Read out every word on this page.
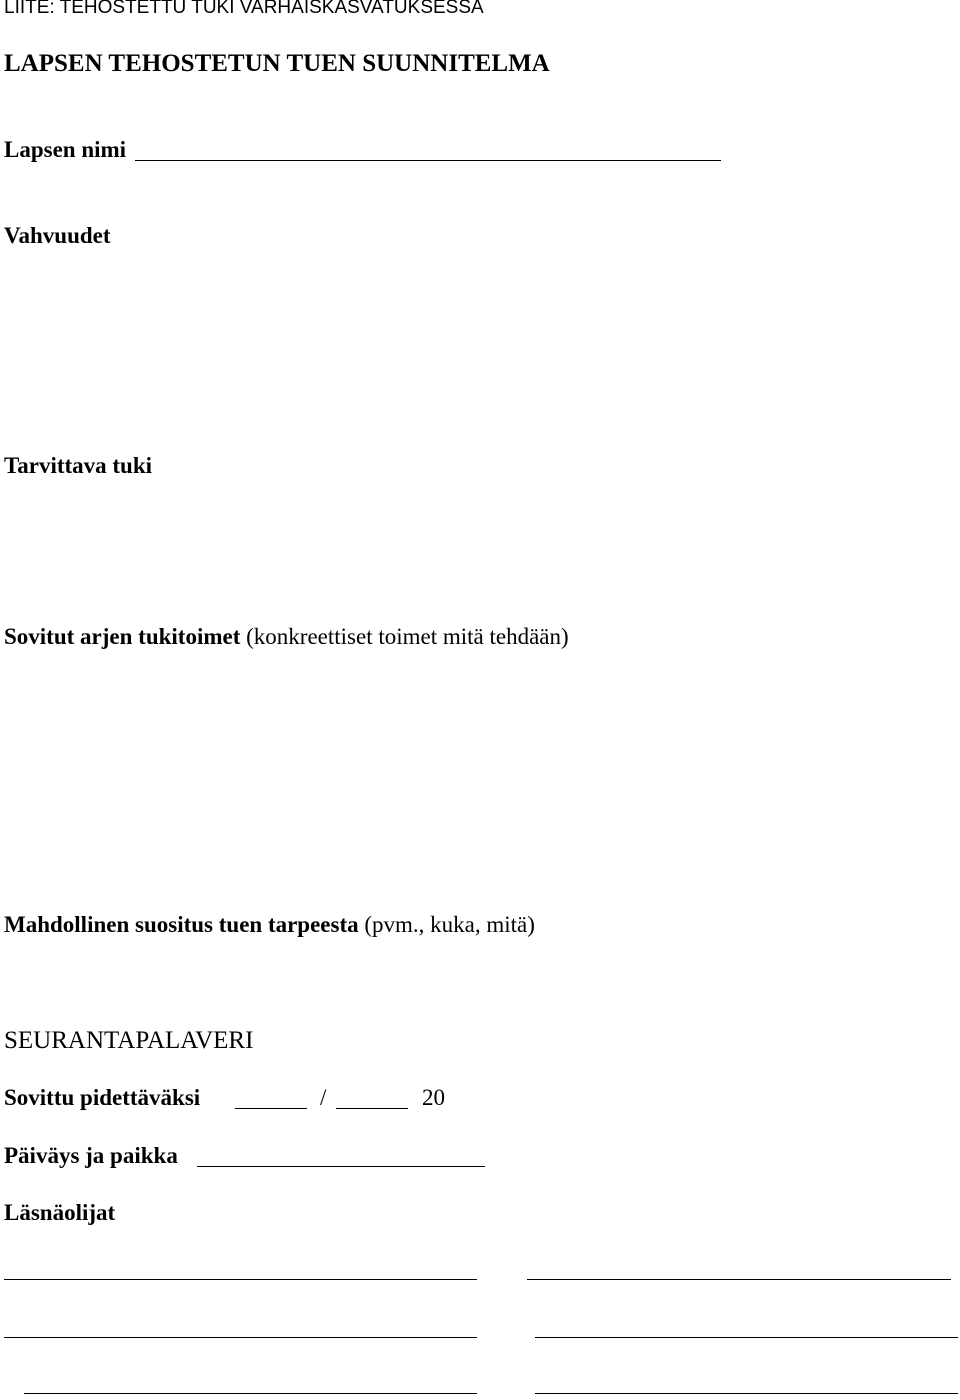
LIITE: TEHOSTETTU TUKI VARHAISKASVATUKSESSA
LAPSEN TEHOSTETUN TUEN SUUNNITELMA
Lapsen nimi
Vahvuudet
Tarvittava tuki
Sovitut arjen tukitoimet (konkreettiset toimet mitä tehdään)
Mahdollinen suositus tuen tarpeesta (pvm., kuka, mitä)
SEURANTAPALAVERI
Sovittu pidettäväksi	/	20
Päiväys ja paikka
Läsnäolijat
